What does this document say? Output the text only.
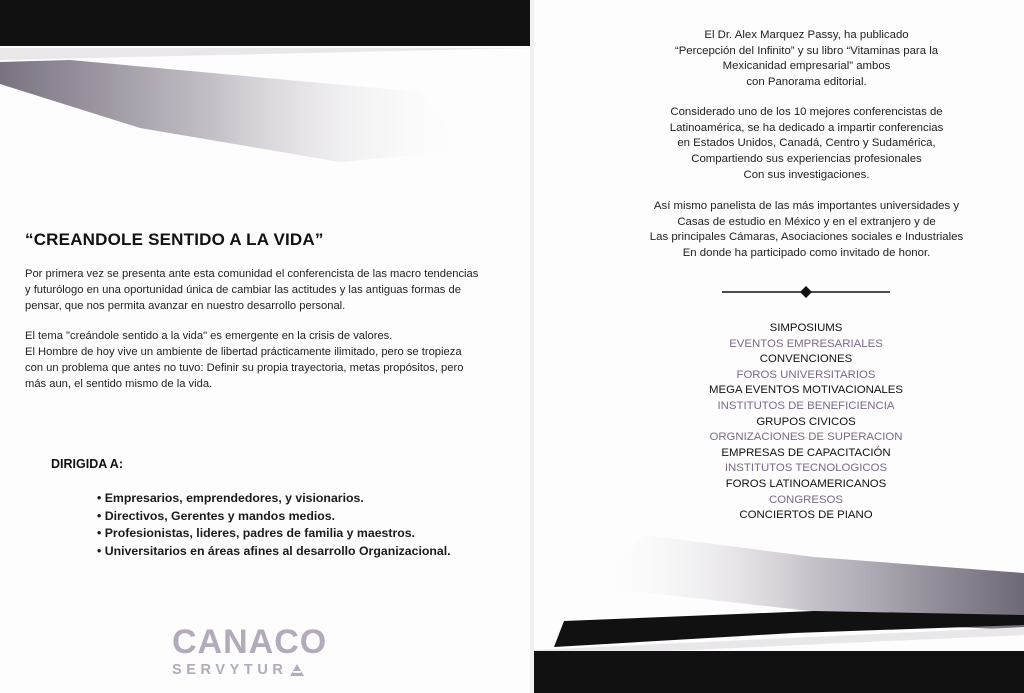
“CREANDOLE SENTIDO A LA VIDA”

Por primera vez se presenta ante esta comunidad el conferencista de las macro tendencias
y futurólogo en una oportunidad única de cambiar las actitudes y las antiguas formas de
pensar, que nos permita avanzar en nuestro desarrollo personal.

El tema "creándole sentido a la vida" es emergente en la crisis de valores.
El Hombre de hoy vive un ambiente de libertad prácticamente ilimitado, pero se tropieza
con un problema que antes no tuvo: Definir su propia trayectoria, metas propósitos, pero
más aun, el sentido mismo de la vida.

DIRIGIDA A:
• Empresarios, emprendedores, y visionarios.
• Directivos, Gerentes y mandos medios.
• Profesionistas, lideres, padres de familia y maestros.
• Universitarios en áreas afines al desarrollo Organizacional.
CANACO
SERVYTUR

El Dr. Alex Marquez Passy, ha publicado
“Percepción del Infinito” y su libro “Vitaminas para la
Mexicanidad empresarial” ambos
con Panorama editorial.

Considerado uno de los 10 mejores conferencistas de
Latinoamérica, se ha dedicado a impartir conferencias
en Estados Unidos, Canadá, Centro y Sudamérica,
Compartiendo sus experiencias profesionales
Con sus investigaciones.

Así mismo panelista de las más importantes universidades y
Casas de estudio en México y en el extranjero y de
Las principales Cámaras, Asociaciones sociales e Industriales
En donde ha participado como invitado de honor.

SIMPOSIUMS
EVENTOS EMPRESARIALES
CONVENCIONES
FOROS UNIVERSITARIOS
MEGA EVENTOS MOTIVACIONALES
INSTITUTOS DE BENEFICIENCIA
GRUPOS CIVICOS
ORGNIZACIONES DE SUPERACION
EMPRESAS DE CAPACITACIÓN
INSTITUTOS TECNOLOGICOS
FOROS LATINOAMERICANOS
CONGRESOS
CONCIERTOS DE PIANO
